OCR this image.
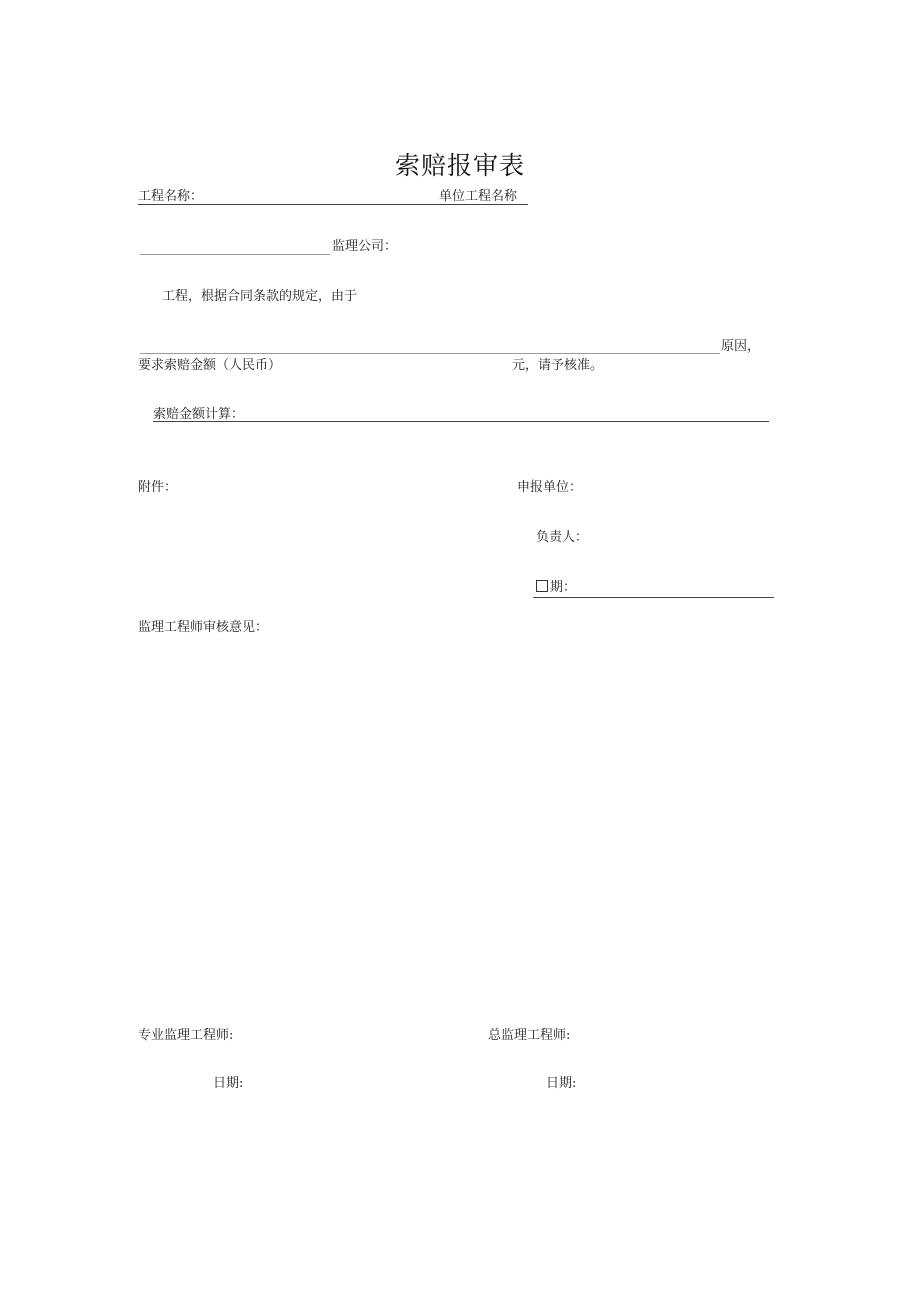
索赔报审表
工程名称：	单位工程名称
监理公司：
工程，根据合同条款的规定，由于
原因，
要求索赔金额（人民币）	元，请予核准。
索赔金额计算：
附件：	申报单位：
负责人：
期：
监理工程师审核意见：
专业监理工程师:	总监理工程师:
日期:	日期:
